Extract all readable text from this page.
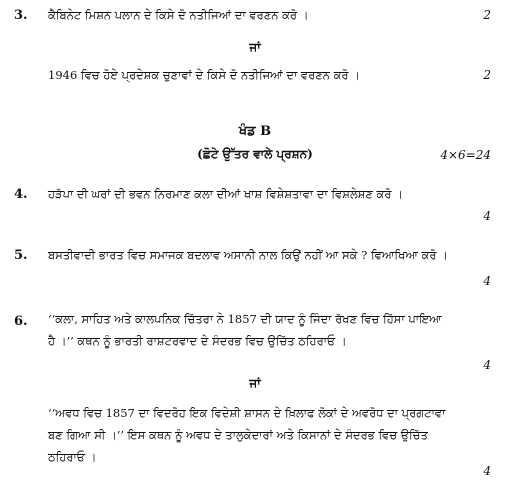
3. ਕੈਬਿਨੇਟ ਮਿਸ਼ਨ ਪਲਾਨ ਦੇ ਕਿਸੇ ਦੋ ਨਤੀਜਿਆਂ ਦਾ ਵਰਣਨ ਕਰੋ ।	2
ਜਾਂ
1946 ਵਿਚ ਹੋਏ ਪ੍ਰਦੇਸ਼ਕ ਚੁਣਾਵਾਂ ਦੇ ਕਿਸੇ ਦੋ ਨਤੀਜਿਆਂ ਦਾ ਵਰਣਨ ਕਰੋ ।	2
ਖੰਡ B
(ਛੋਟੇ ਉੱਤਰ ਵਾਲੇ ਪ੍ਰਸ਼ਨ)	4×6=24
4. ਹੜੱਪਾ ਦੀ ਘਰਾਂ ਦੀ ਭਵਨ ਨਿਰਮਾਣ ਕਲਾ ਦੀਆਂ ਖਾਸ਼ ਵਿਸ਼ੇਸ਼ਤਾਵਾ ਦਾ ਵਿਸ਼ਲੇਸ਼ਣ ਕਰੋ ।
4
5. ਬਸਤੀਵਾਦੀ ਭਾਰਤ ਵਿਚ ਸਮਾਜਕ ਬਦਲਾਵ ਅਸਾਨੀ ਨਾਲ ਕਿਉਂ ਨਹੀਂ ਆ ਸਕੇ ? ਵਿਆਖਿਆ ਕਰੋ ।
4
6. ‘‘ਕਲਾ, ਸਾਹਿਤ ਅਤੇ ਕਾਲਪਨਿਕ ਚਿੱਤਰਾ ਨੇ 1857 ਦੀ ਯਾਦ ਨੂੰ ਜਿੰਦਾ ਰੱਖਣ ਵਿਚ ਹਿੱਸਾ ਪਾਇਆ ਹੈ ।’’ ਕਥਨ ਨੂੰ ਭਾਰਤੀ ਰਾਸ਼ਟਰਵਾਦ ਦੇ ਸੰਦਰਭ ਵਿਚ ਉਚਿੱਤ ਠਹਿਰਾਓ ।
4
ਜਾਂ
‘‘ਅਵਧ ਵਿਚ 1857 ਦਾ ਵਿਦਰੋਹ ਇਕ ਵਿਦੇਸ਼ੀ ਸ਼ਾਸਨ ਦੇ ਖ਼ਿਲਾਫ ਲੋਕਾਂ ਦੇ ਅਵਰੋਧ ਦਾ ਪ੍ਰਗਟਾਵਾ ਬਣ ਗਿਆ ਸੀ ।’’ ਇਸ ਕਥਨ ਨੂੰ ਅਵਧ ਦੇ ਤਾਲੁਕੇਦਾਰਾਂ ਅਤੇ ਕਿਸਾਨਾਂ ਦੇ ਸੰਦਰਭ ਵਿਚ ਉਚਿੱਤ ਠਹਿਰਾਓ ।
4
